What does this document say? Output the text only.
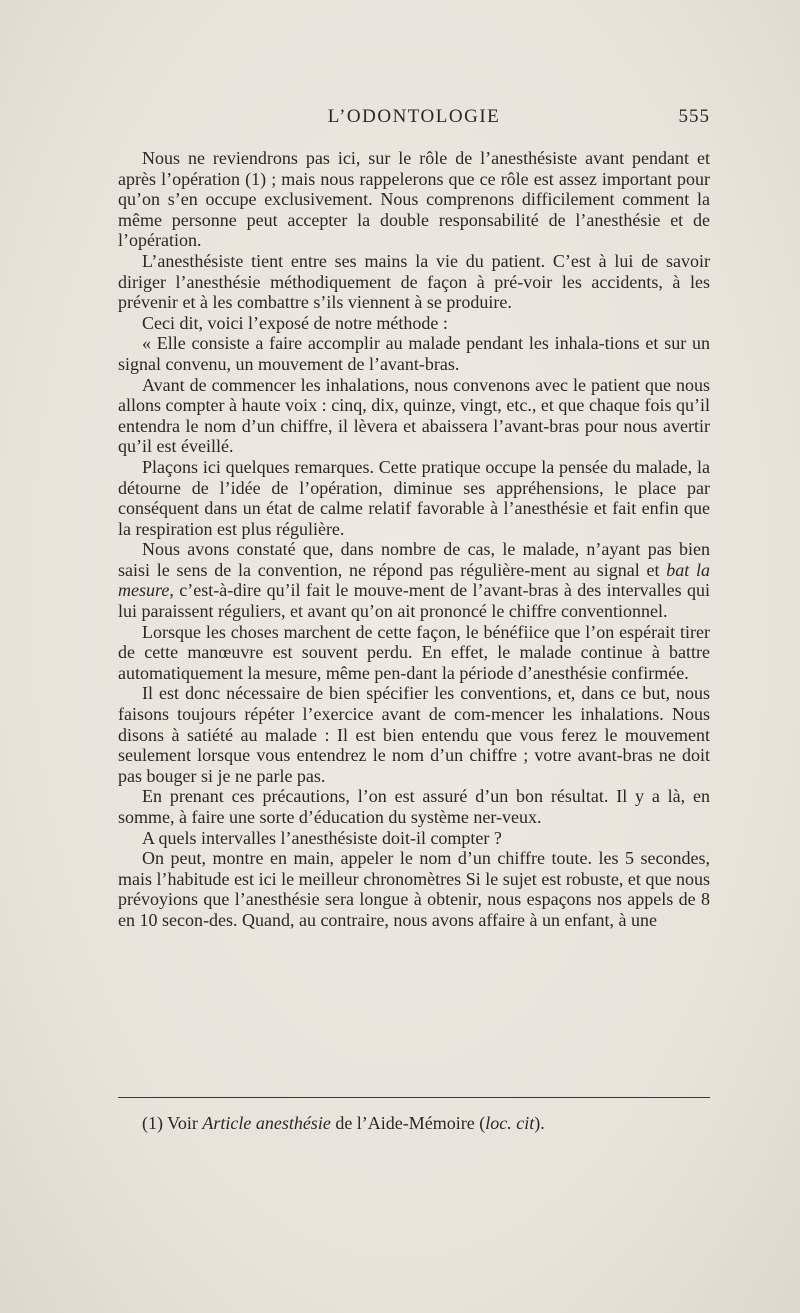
L’ODONTOLOGIE	555

Nous ne reviendrons pas ici, sur le rôle de l’anesthésiste avant pendant et après l’opération (1) ; mais nous rappelerons que ce rôle est assez important pour qu’on s’en occupe exclusivement. Nous comprenons difficilement comment la même personne peut accepter la double responsabilité de l’anesthésie et de l’opération.

L’anesthésiste tient entre ses mains la vie du patient. C’est à lui de savoir diriger l’anesthésie méthodiquement de façon à pré-voir les accidents, à les prévenir et à les combattre s’ils viennent à se produire.

Ceci dit, voici l’exposé de notre méthode :

« Elle consiste a faire accomplir au malade pendant les inhala-tions et sur un signal convenu, un mouvement de l’avant-bras.

Avant de commencer les inhalations, nous convenons avec le patient que nous allons compter à haute voix : cinq, dix, quinze, vingt, etc., et que chaque fois qu’il entendra le nom d’un chiffre, il lèvera et abaissera l’avant-bras pour nous avertir qu’il est éveillé.

Plaçons ici quelques remarques. Cette pratique occupe la pensée du malade, la détourne de l’idée de l’opération, diminue ses appréhensions, le place par conséquent dans un état de calme relatif favorable à l’anesthésie et fait enfin que la respiration est plus régulière.

Nous avons constaté que, dans nombre de cas, le malade, n’ayant pas bien saisi le sens de la convention, ne répond pas régulière-ment au signal et bat la mesure, c’est-à-dire qu’il fait le mouve-ment de l’avant-bras à des intervalles qui lui paraissent réguliers, et avant qu’on ait prononcé le chiffre conventionnel.

Lorsque les choses marchent de cette façon, le bénéfiice que l’on espérait tirer de cette manœuvre est souvent perdu. En effet, le malade continue à battre automatiquement la mesure, même pen-dant la période d’anesthésie confirmée.

Il est donc nécessaire de bien spécifier les conventions, et, dans ce but, nous faisons toujours répéter l’exercice avant de com-mencer les inhalations. Nous disons à satiété au malade : Il est bien entendu que vous ferez le mouvement seulement lorsque vous entendrez le nom d’un chiffre ; votre avant-bras ne doit pas bouger si je ne parle pas.

En prenant ces précautions, l’on est assuré d’un bon résultat. Il y a là, en somme, à faire une sorte d’éducation du système ner-veux.

A quels intervalles l’anesthésiste doit-il compter ?

On peut, montre en main, appeler le nom d’un chiffre toute. les 5 secondes, mais l’habitude est ici le meilleur chronomètres Si le sujet est robuste, et que nous prévoyions que l’anesthésie sera longue à obtenir, nous espaçons nos appels de 8 en 10 secon-des. Quand, au contraire, nous avons affaire à un enfant, à une

(1) Voir Article anesthésie de l’Aide-Mémoire (loc. cit).
